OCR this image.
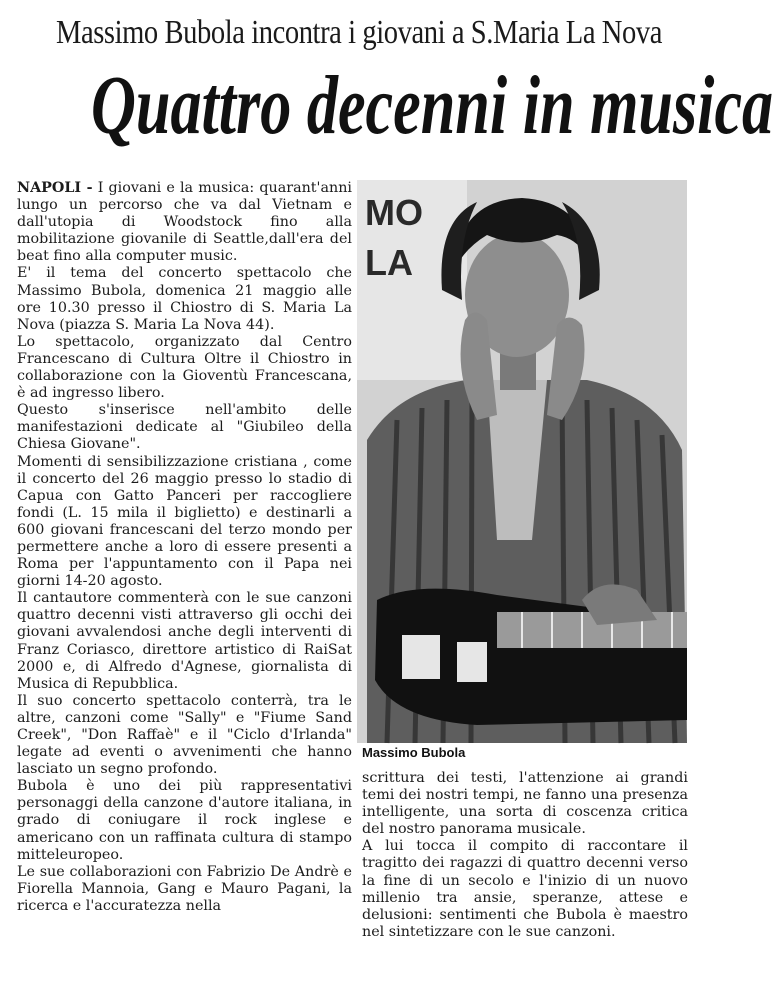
Massimo Bubola incontra i giovani a S.Maria La Nova
Quattro decenni in musica

NAPOLI - I giovani e la musica: quarant'anni lungo un percorso che va dal Vietnam e dall'utopia di Woodstock fino alla mobilitazione giovanile di Seattle,dall'era del beat fino alla computer music.

E' il tema del concerto spettacolo che Massimo Bubola, domenica 21 maggio alle ore 10.30 presso il Chiostro di S. Maria La Nova (piazza S. Maria La Nova 44).

Lo spettacolo, organizzato dal Centro Francescano di Cultura Oltre il Chiostro in collaborazione con la Gioventù Francescana, è ad ingresso libero.

Questo s'inserisce nell'ambito delle manifestazioni dedicate al "Giubileo della Chiesa Giovane".

Momenti di sensibilizzazione cristiana , come il concerto del 26 maggio presso lo stadio di Capua con Gatto Panceri per raccogliere fondi (L. 15 mila il biglietto) e destinarli a 600 giovani francescani del terzo mondo per permettere anche a loro di essere presenti a Roma per l'appuntamento con il Papa nei giorni 14-20 agosto.

Il cantautore commenterà con le sue canzoni quattro decenni visti attraverso gli occhi dei giovani avvalendosi anche degli interventi di Franz Coriasco, direttore artistico di RaiSat 2000 e, di Alfredo d'Agnese, giornalista di Musica di Repubblica.

Il suo concerto spettacolo conterrà, tra le altre, canzoni come "Sally" e "Fiume Sand Creek", "Don Raffaè" e il "Ciclo d'Irlanda" legate ad eventi o avvenimenti che hanno lasciato un segno profondo.

Bubola è uno dei più rappresentativi personaggi della canzone d'autore italiana, in grado di coniugare il rock inglese e americano con un raffinata cultura di stampo mitteleuropeo.

Le sue collaborazioni con Fabrizio De Andrè e Fiorella Mannoia, Gang e Mauro Pagani, la ricerca e l'accuratezza nella

MO
LA
Massimo Bubola

scrittura dei testi, l'attenzione ai grandi temi dei nostri tempi, ne fanno una presenza intelligente, una sorta di coscenza critica del nostro panorama musicale.

A lui tocca il compito di raccontare il tragitto dei ragazzi di quattro decenni verso la fine di un secolo e l'inizio di un nuovo millenio tra ansie, speranze, attese e delusioni: sentimenti che Bubola è maestro nel sintetizzare con le sue canzoni.
